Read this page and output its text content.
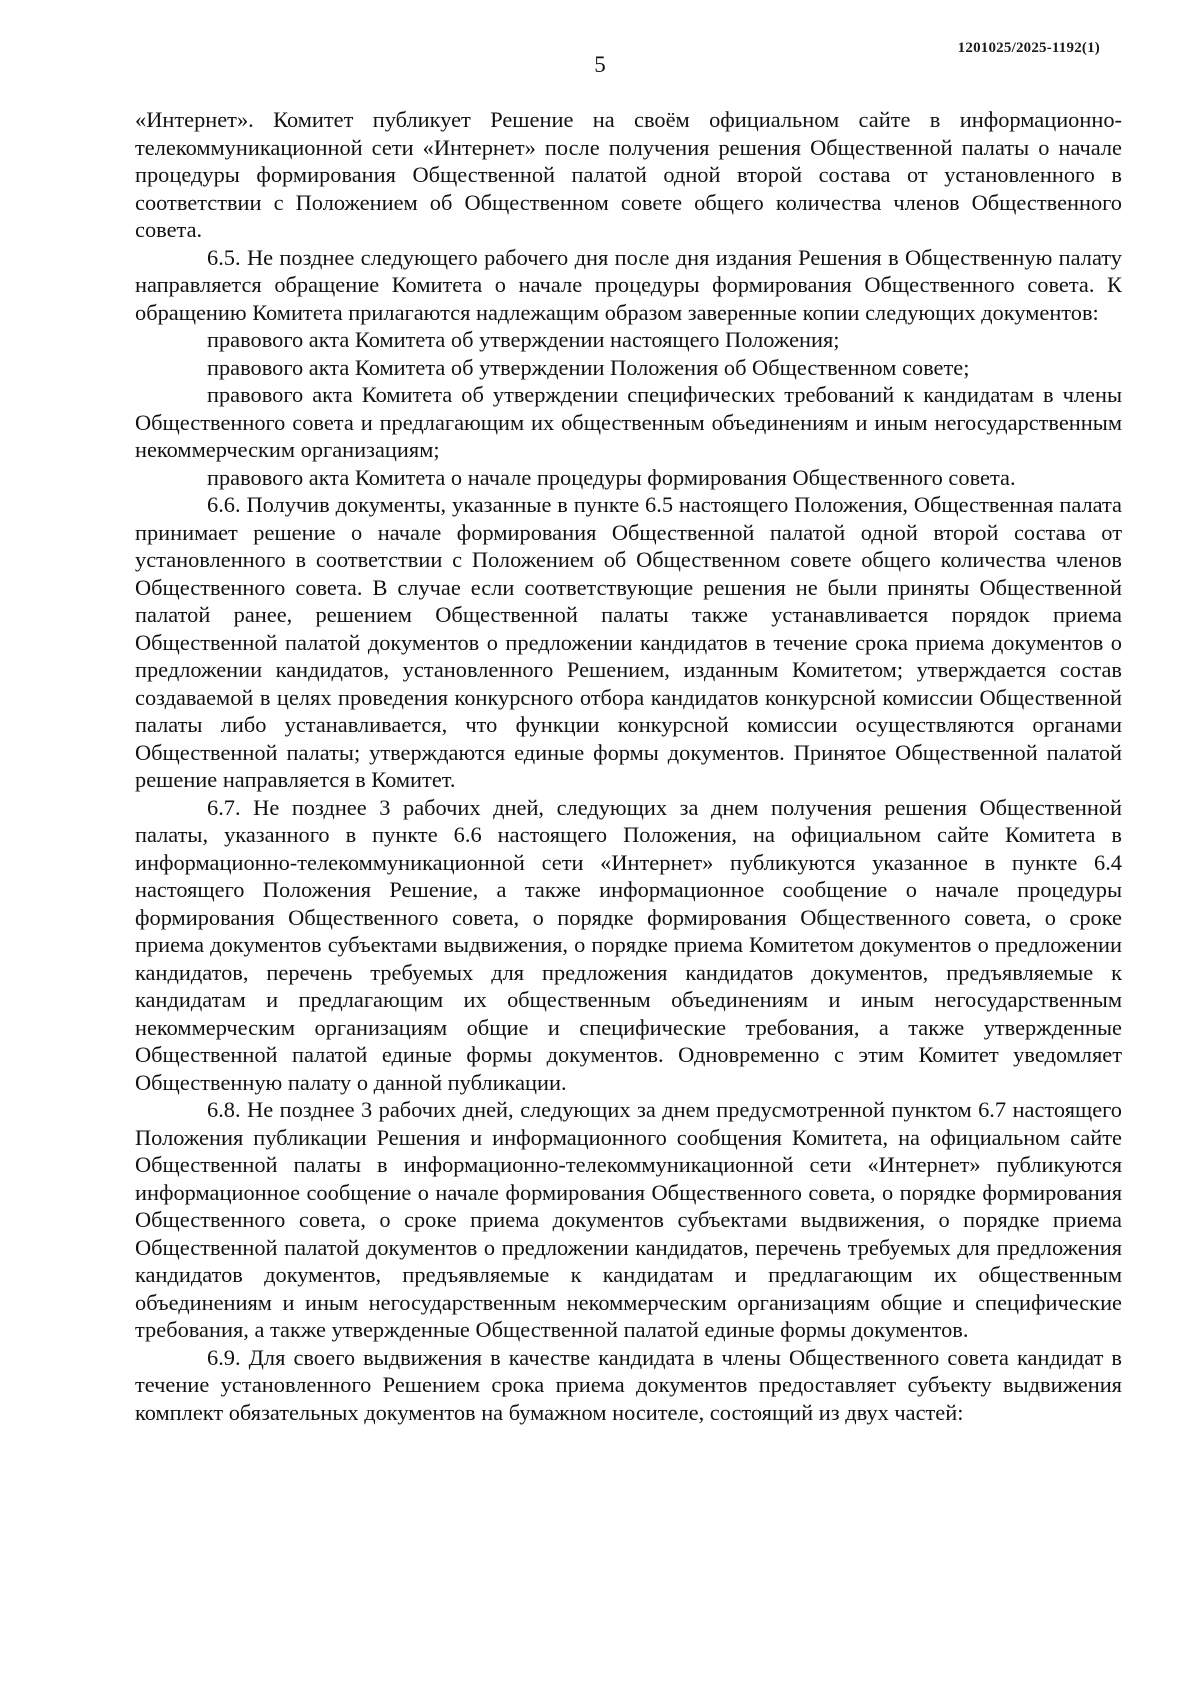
1201025/2025-1192(1)
5

«Интернет». Комитет публикует Решение на своём официальном сайте в информационно-телекоммуникационной сети «Интернет» после получения решения Общественной палаты о начале процедуры формирования Общественной палатой одной второй состава от установленного в соответствии с Положением об Общественном совете общего количества членов Общественного совета.

6.5. Не позднее следующего рабочего дня после дня издания Решения в Общественную палату направляется обращение Комитета о начале процедуры формирования Общественного совета. К обращению Комитета прилагаются надлежащим образом заверенные копии следующих документов:

правового акта Комитета об утверждении настоящего Положения;

правового акта Комитета об утверждении Положения об Общественном совете;

правового акта Комитета об утверждении специфических требований к кандидатам в члены Общественного совета и предлагающим их общественным объединениям и иным негосударственным некоммерческим организациям;

правового акта Комитета о начале процедуры формирования Общественного совета.

6.6. Получив документы, указанные в пункте 6.5 настоящего Положения, Общественная палата принимает решение о начале формирования Общественной палатой одной второй состава от установленного в соответствии с Положением об Общественном совете общего количества членов Общественного совета. В случае если соответствующие решения не были приняты Общественной палатой ранее, решением Общественной палаты также устанавливается порядок приема Общественной палатой документов о предложении кандидатов в течение срока приема документов о предложении кандидатов, установленного Решением, изданным Комитетом; утверждается состав создаваемой в целях проведения конкурсного отбора кандидатов конкурсной комиссии Общественной палаты либо устанавливается, что функции конкурсной комиссии осуществляются органами Общественной палаты; утверждаются единые формы документов. Принятое Общественной палатой решение направляется в Комитет.

6.7. Не позднее 3 рабочих дней, следующих за днем получения решения Общественной палаты, указанного в пункте 6.6 настоящего Положения, на официальном сайте Комитета в информационно-телекоммуникационной сети «Интернет» публикуются указанное в пункте 6.4 настоящего Положения Решение, а также информационное сообщение о начале процедуры формирования Общественного совета, о порядке формирования Общественного совета, о сроке приема документов субъектами выдвижения, о порядке приема Комитетом документов о предложении кандидатов, перечень требуемых для предложения кандидатов документов, предъявляемые к кандидатам и предлагающим их общественным объединениям и иным негосударственным некоммерческим организациям общие и специфические требования, а также утвержденные Общественной палатой единые формы документов. Одновременно с этим Комитет уведомляет Общественную палату о данной публикации.

6.8. Не позднее 3 рабочих дней, следующих за днем предусмотренной пунктом 6.7 настоящего Положения публикации Решения и информационного сообщения Комитета, на официальном сайте Общественной палаты в информационно-телекоммуникационной сети «Интернет» публикуются информационное сообщение о начале формирования Общественного совета, о порядке формирования Общественного совета, о сроке приема документов субъектами выдвижения, о порядке приема Общественной палатой документов о предложении кандидатов, перечень требуемых для предложения кандидатов документов, предъявляемые к кандидатам и предлагающим их общественным объединениям и иным негосударственным некоммерческим организациям общие и специфические требования, а также утвержденные Общественной палатой единые формы документов.

6.9. Для своего выдвижения в качестве кандидата в члены Общественного совета кандидат в течение установленного Решением срока приема документов предоставляет субъекту выдвижения комплект обязательных документов на бумажном носителе, состоящий из двух частей:
